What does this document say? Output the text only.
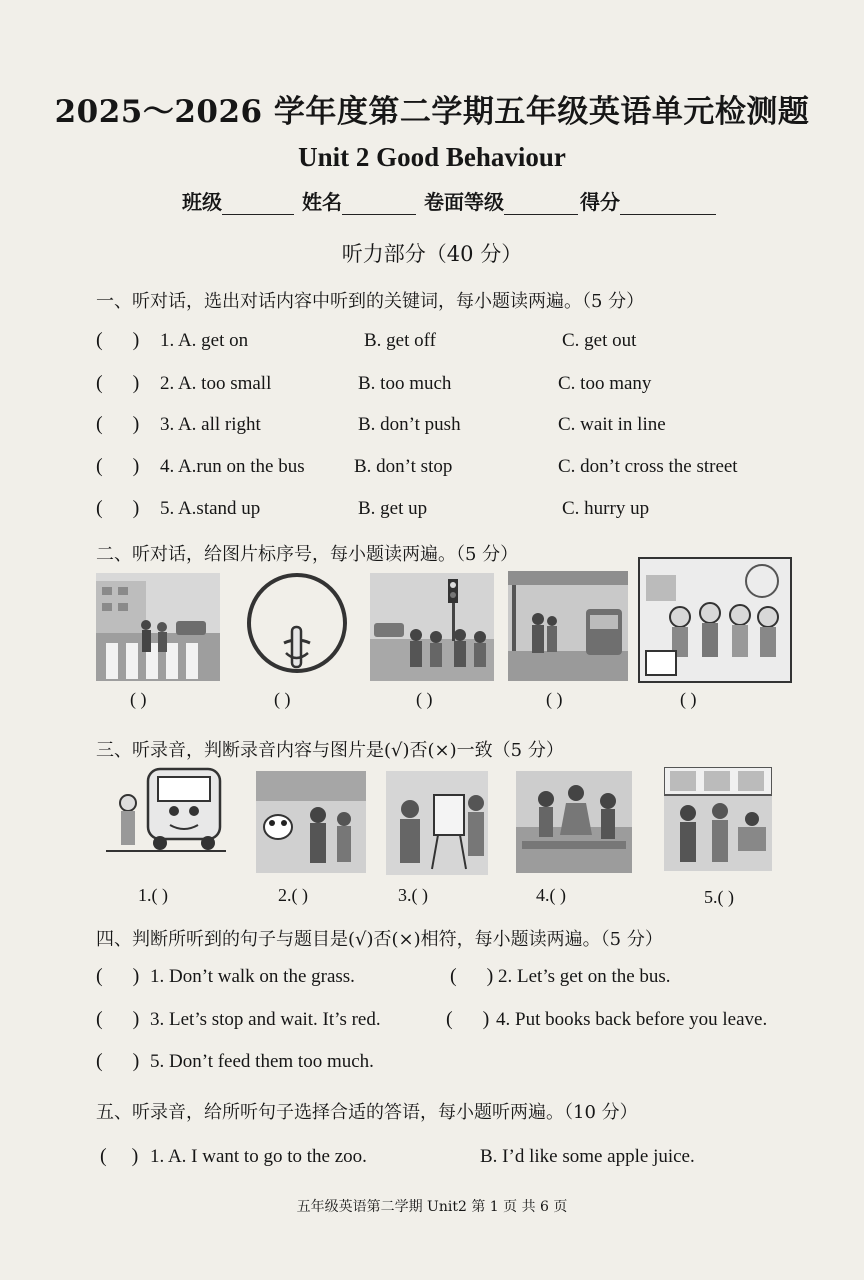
2025～2026 学年度第二学期五年级英语单元检测题
Unit 2 Good Behaviour
班级	姓名	卷面等级	得分
听力部分（40 分）
一、听对话，选出对话内容中听到的关键词，每小题读两遍。（5 分）
(      ) 1. A. get on	B. get off	C. get out
(      ) 2. A. too small	B. too much	C. too many
(      ) 3. A. all right	B. don’t push	C. wait in line
(      ) 4. A.run on the bus	B. don’t stop	C. don’t cross the street
(      ) 5. A.stand up	B. get up	C. hurry up
二、听对话，给图片标序号，每小题读两遍。（5 分）
( )	( )	( )	( )	( )
三、听录音，判断录音内容与图片是(√)否(×)一致（5 分）
1.( )	2.( )	3.( )	4.( )	5.( )
四、判断所听到的句子与题目是(√)否(×)相符，每小题读两遍。（5 分）
(      ) 1. Don’t walk on the grass.	(      ) 2. Let’s get on the bus.
(      ) 3. Let’s stop and wait. It’s red.	(      ) 4. Put books back before you leave.
(      ) 5. Don’t feed them too much.
五、听录音，给所听句子选择合适的答语，每小题听两遍。（10 分）
(     ) 1. A. I want to go to the zoo.	B. I’d like some apple juice.
五年级英语第二学期 Unit2 第 1 页 共 6 页
